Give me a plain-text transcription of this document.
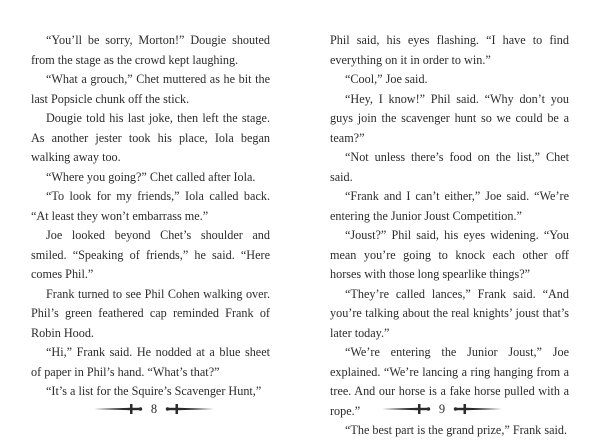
“You’ll be sorry, Morton!” Dougie shouted from the stage as the crowd kept laughing.

“What a grouch,” Chet muttered as he bit the last Popsicle chunk off the stick.

Dougie told his last joke, then left the stage. As another jester took his place, Iola began walking away too.

“Where you going?” Chet called after Iola.

“To look for my friends,” Iola called back. “At least they won’t embarrass me.”

Joe looked beyond Chet’s shoulder and smiled. “Speaking of friends,” he said. “Here comes Phil.”

Frank turned to see Phil Cohen walking over. Phil’s green feathered cap reminded Frank of Robin Hood.

“Hi,” Frank said. He nodded at a blue sheet of paper in Phil’s hand. “What’s that?”

“It’s a list for the Squire’s Scavenger Hunt,”

Phil said, his eyes flashing. “I have to find everything on it in order to win.”

“Cool,” Joe said.

“Hey, I know!” Phil said. “Why don’t you guys join the scavenger hunt so we could be a team?”

“Not unless there’s food on the list,” Chet said.

“Frank and I can’t either,” Joe said. “We’re entering the Junior Joust Competition.”

“Joust?” Phil said, his eyes widening. “You mean you’re going to knock each other off horses with those long spearlike things?”

“They’re called lances,” Frank said. “And you’re talking about the real knights’ joust that’s later today.”

“We’re entering the Junior Joust,” Joe explained. “We’re lancing a ring hanging from a tree. And our horse is a fake horse pulled with a rope.”

“The best part is the grand prize,” Frank said.

8	9
